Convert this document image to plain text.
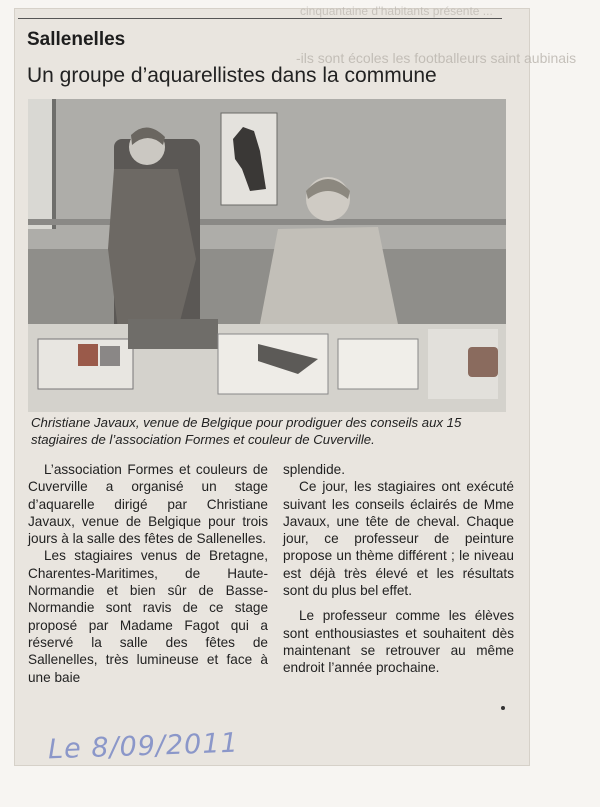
cinquantaine d’habitants présente ...
-ils sont écoles les footballeurs saint aubinais
Sallenelles
Un groupe d’aquarellistes dans la commune
Christiane Javaux, venue de Belgique pour prodiguer des conseils aux 15 stagiaires de l’association Formes et couleur de Cuverville.

L’association Formes et couleurs de Cuverville a organisé un stage d’aquarelle dirigé par Christiane Javaux, venue de Belgique pour trois jours à la salle des fêtes de Sallenelles.

Les stagiaires venus de Bretagne, Charentes-Maritimes, de Haute-Normandie et bien sûr de Basse-Normandie sont ravis de ce stage proposé par Madame Fagot qui a réservé la salle des fêtes de Sallenelles, très lumineuse et face à une baie

splendide.

Ce jour, les stagiaires ont exécuté suivant les conseils éclairés de Mme Javaux, une tête de cheval. Chaque jour, ce professeur de peinture propose un thème différent ; le niveau est déjà très élevé et les résultats sont du plus bel effet.

Le professeur comme les élèves sont enthousiastes et souhaitent dès maintenant se retrouver au même endroit l’année prochaine.

Le 8/09/2011
